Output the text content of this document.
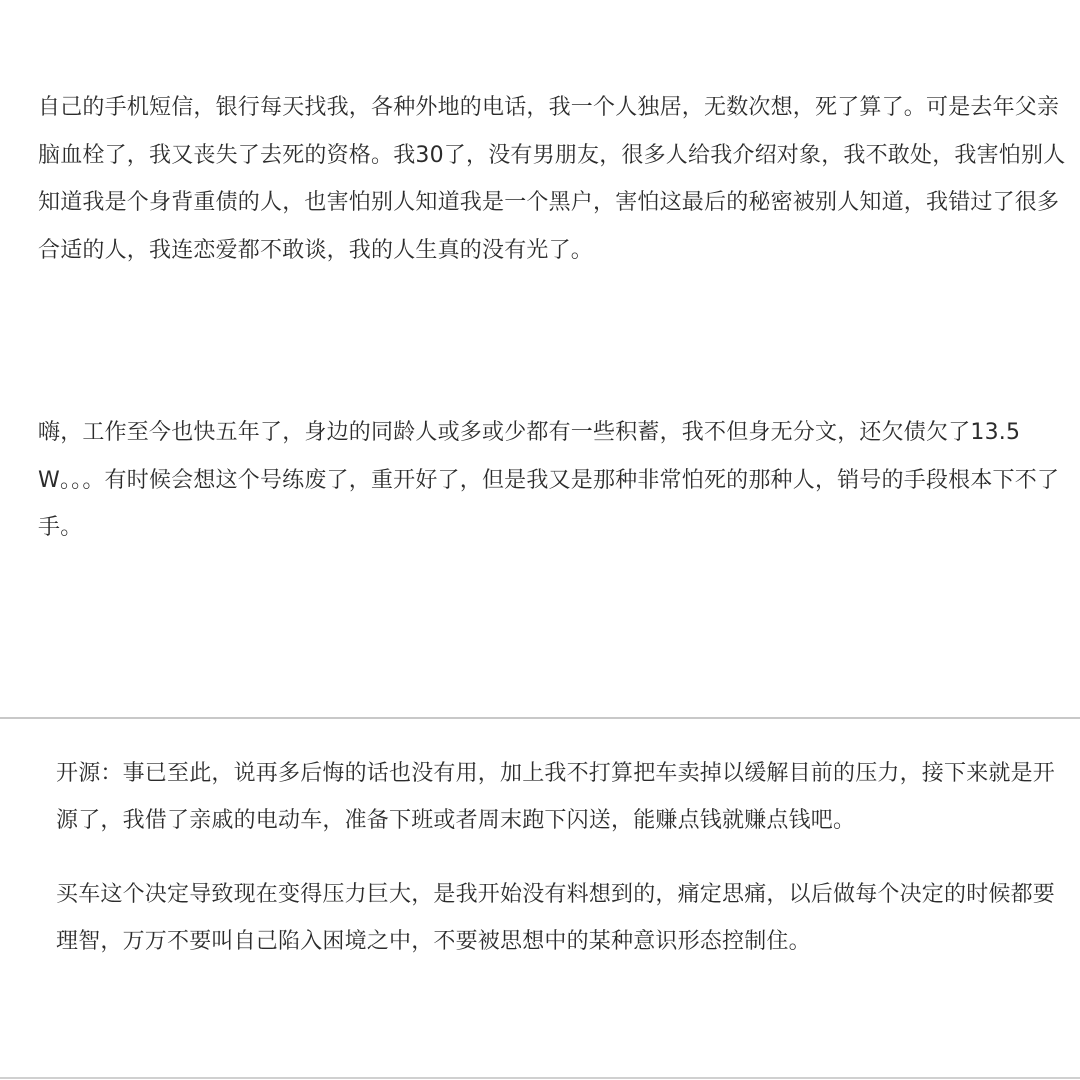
自己的手机短信，银行每天找我，各种外地的电话，我一个人独居，无数次想，死了算了。可是去年父亲脑血栓了，我又丧失了去死的资格。我30了，没有男朋友，很多人给我介绍对象，我不敢处，我害怕别人知道我是个身背重债的人，也害怕别人知道我是一个黑户，害怕这最后的秘密被别人知道，我错过了很多合适的人，我连恋爱都不敢谈，我的人生真的没有光了。

嗨，工作至今也快五年了，身边的同龄人或多或少都有一些积蓄，我不但身无分文，还欠债欠了13.5W。。。有时候会想这个号练废了，重开好了，但是我又是那种非常怕死的那种人，销号的手段根本下不了手。

开源：事已至此，说再多后悔的话也没有用，加上我不打算把车卖掉以缓解目前的压力，接下来就是开源了，我借了亲戚的电动车，准备下班或者周末跑下闪送，能赚点钱就赚点钱吧。

买车这个决定导致现在变得压力巨大，是我开始没有料想到的，痛定思痛，以后做每个决定的时候都要理智，万万不要叫自己陷入困境之中，不要被思想中的某种意识形态控制住。
